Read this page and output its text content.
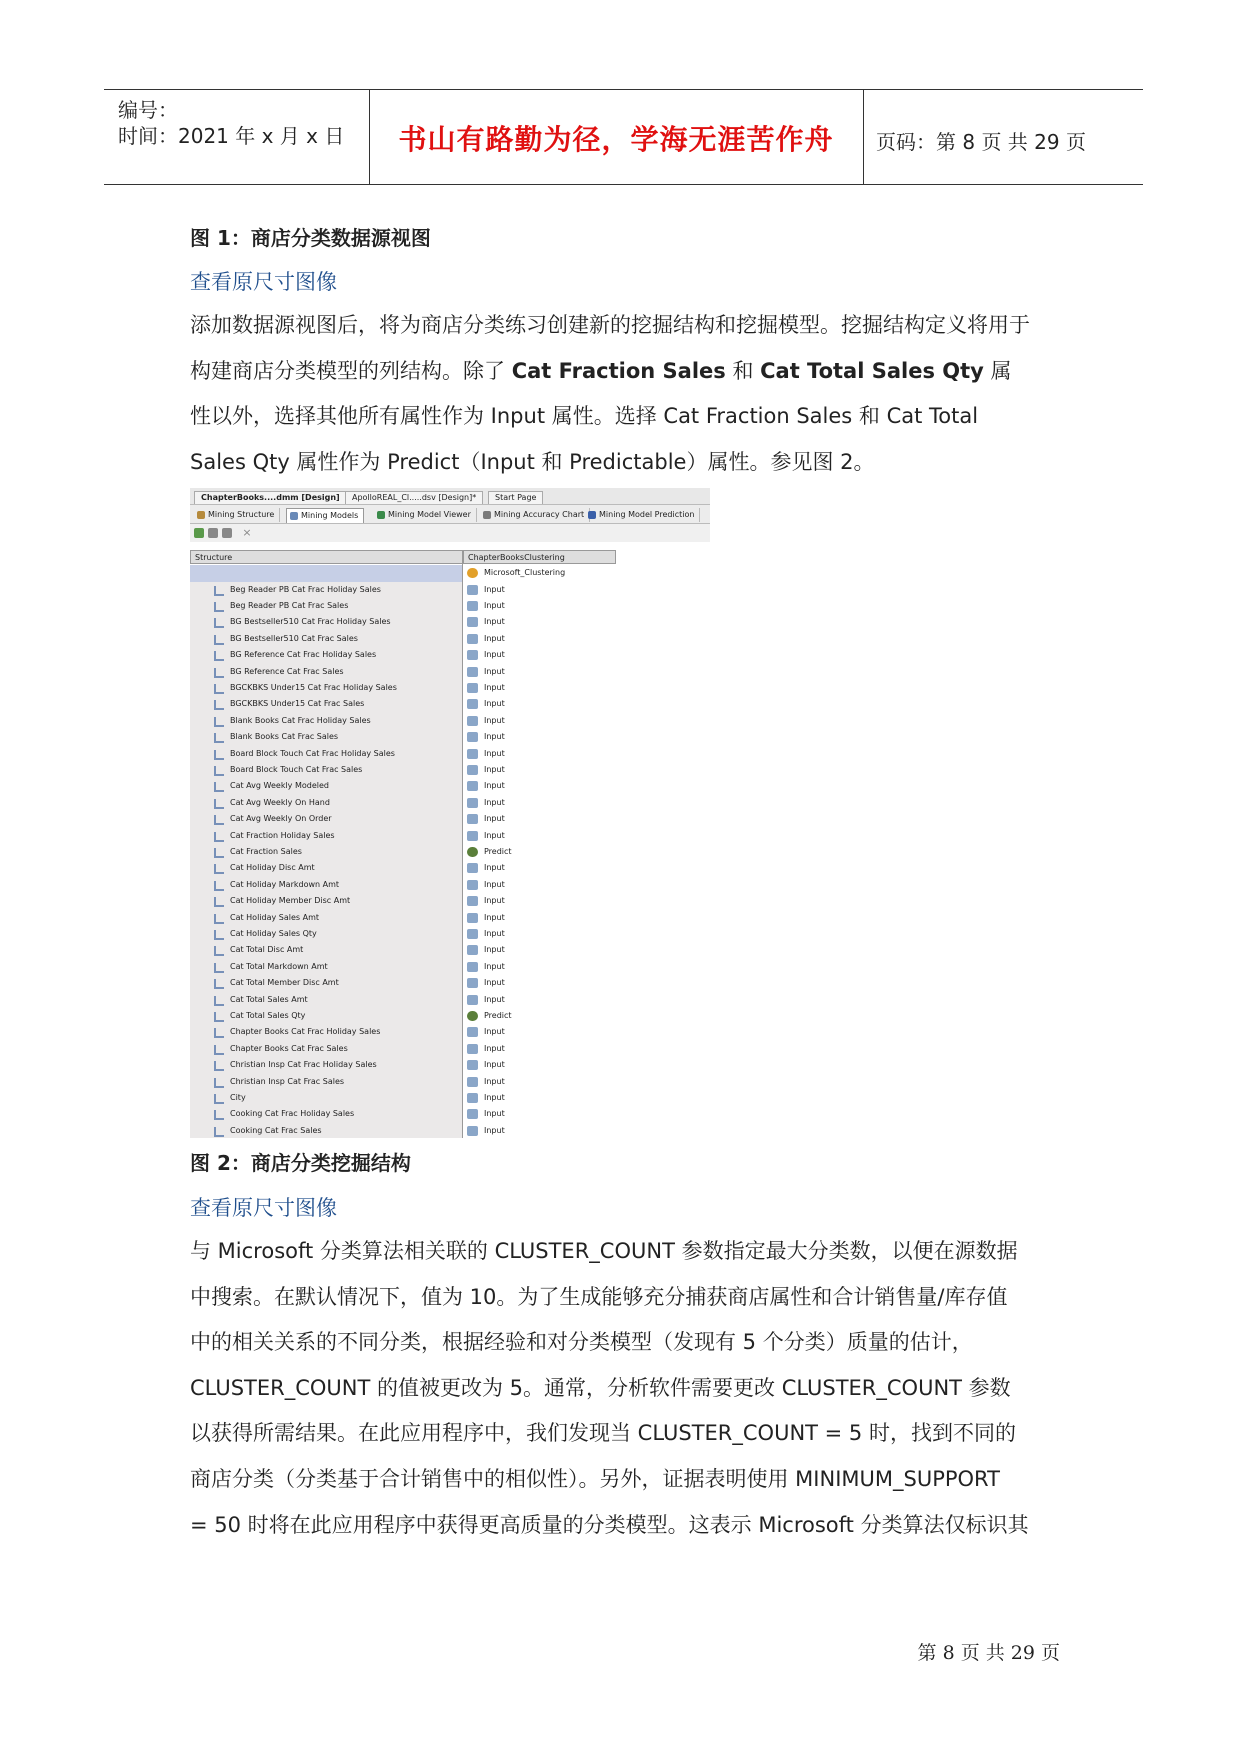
编号：
时间：2021 年 x 月 x 日	书山有路勤为径，学海无涯苦作舟	页码：第 8 页 共 29 页
图 1：商店分类数据源视图
查看原尺寸图像
添加数据源视图后，将为商店分类练习创建新的挖掘结构和挖掘模型。挖掘结构定义将用于
构建商店分类模型的列结构。除了 Cat Fraction Sales 和 Cat Total Sales Qty 属
性以外，选择其他所有属性作为 Input 属性。选择 Cat Fraction Sales 和 Cat Total
Sales Qty 属性作为 Predict（Input 和 Predictable）属性。参见图 2。
ChapterBooks....dmm [Design]	ApolloREAL_Cl.....dsv [Design]*	Start Page
Mining Structure	Mining Models	Mining Model Viewer	Mining Accuracy Chart	Mining Model Prediction
×
Structure	ChapterBooksClustering
Microsoft_Clustering
Beg Reader PB Cat Frac Holiday Sales	Input
Beg Reader PB Cat Frac Sales	Input
BG Bestseller510 Cat Frac Holiday Sales	Input
BG Bestseller510 Cat Frac Sales	Input
BG Reference Cat Frac Holiday Sales	Input
BG Reference Cat Frac Sales	Input
BGCKBKS Under15 Cat Frac Holiday Sales	Input
BGCKBKS Under15 Cat Frac Sales	Input
Blank Books Cat Frac Holiday Sales	Input
Blank Books Cat Frac Sales	Input
Board Block Touch Cat Frac Holiday Sales	Input
Board Block Touch Cat Frac Sales	Input
Cat Avg Weekly Modeled	Input
Cat Avg Weekly On Hand	Input
Cat Avg Weekly On Order	Input
Cat Fraction Holiday Sales	Input
Cat Fraction Sales	Predict
Cat Holiday Disc Amt	Input
Cat Holiday Markdown Amt	Input
Cat Holiday Member Disc Amt	Input
Cat Holiday Sales Amt	Input
Cat Holiday Sales Qty	Input
Cat Total Disc Amt	Input
Cat Total Markdown Amt	Input
Cat Total Member Disc Amt	Input
Cat Total Sales Amt	Input
Cat Total Sales Qty	Predict
Chapter Books Cat Frac Holiday Sales	Input
Chapter Books Cat Frac Sales	Input
Christian Insp Cat Frac Holiday Sales	Input
Christian Insp Cat Frac Sales	Input
City	Input
Cooking Cat Frac Holiday Sales	Input
Cooking Cat Frac Sales	Input
图 2：商店分类挖掘结构
查看原尺寸图像
与 Microsoft 分类算法相关联的 CLUSTER_COUNT 参数指定最大分类数，以便在源数据
中搜索。在默认情况下，值为 10。为了生成能够充分捕获商店属性和合计销售量/库存值
中的相关关系的不同分类，根据经验和对分类模型（发现有 5 个分类）质量的估计，
CLUSTER_COUNT 的值被更改为 5。通常，分析软件需要更改 CLUSTER_COUNT 参数
以获得所需结果。在此应用程序中，我们发现当 CLUSTER_COUNT = 5 时，找到不同的
商店分类（分类基于合计销售中的相似性）。另外，证据表明使用 MINIMUM_SUPPORT
= 50 时将在此应用程序中获得更高质量的分类模型。这表示 Microsoft 分类算法仅标识其
第 8 页 共 29 页
